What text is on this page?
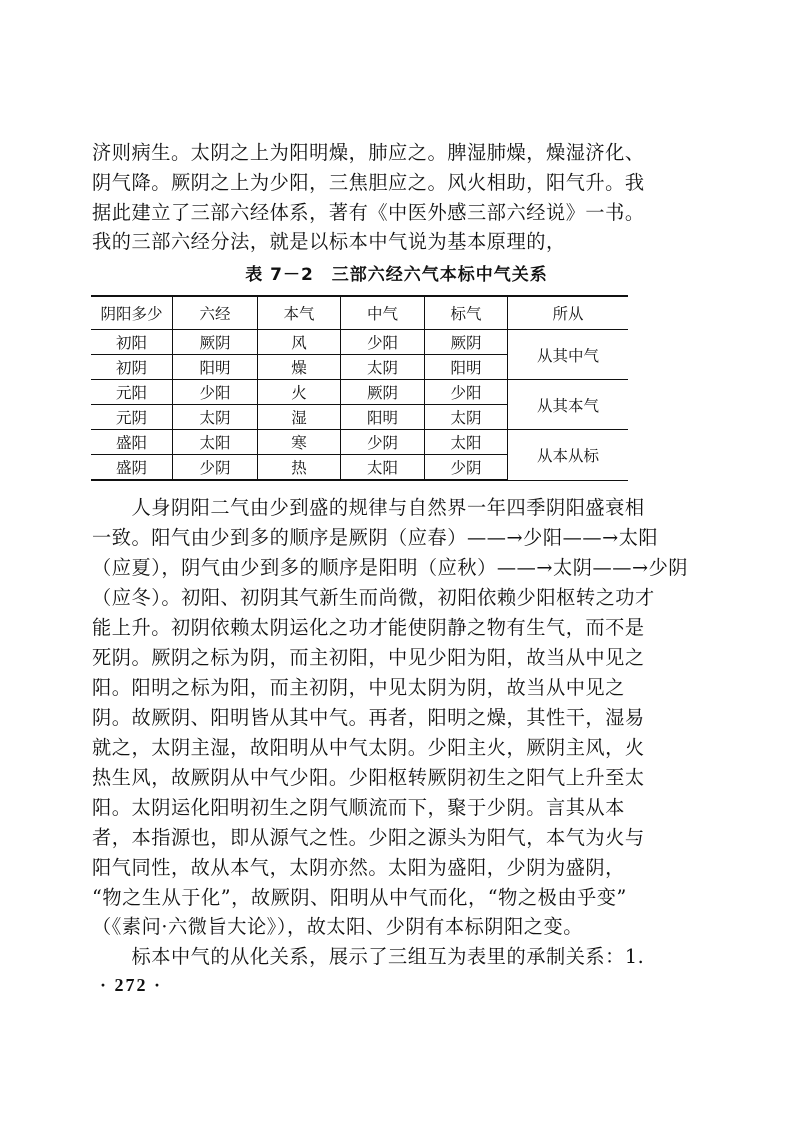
济则病生。太阴之上为阳明燥，肺应之。脾湿肺燥，燥湿济化、
阴气降。厥阴之上为少阳，三焦胆应之。风火相助，阳气升。我
据此建立了三部六经体系，著有《中医外感三部六经说》一书。
我的三部六经分法，就是以标本中气说为基本原理的，
表 7－2 三部六经六气本标中气关系
阴阳多少	六经	本气	中气	标气	所从
初阳	厥阴	风	少阳	厥阴	从其中气
初阴	阳明	燥	太阴	阳明	
元阳	少阳	火	厥阴	少阳	从其本气
元阴	太阴	湿	阳明	太阴	
盛阳	太阳	寒	少阴	太阳	从本从标
盛阴	少阴	热	太阳	少阴	
　　人身阴阳二气由少到盛的规律与自然界一年四季阴阳盛衰相
一致。阳气由少到多的顺序是厥阴（应春）——→少阳——→太阳
（应夏），阴气由少到多的顺序是阳明（应秋）——→太阴——→少阴
（应冬）。初阳、初阴其气新生而尚微，初阳依赖少阳枢转之功才
能上升。初阴依赖太阴运化之功才能使阴静之物有生气，而不是
死阴。厥阴之标为阴，而主初阳，中见少阳为阳，故当从中见之
阳。阳明之标为阳，而主初阴，中见太阴为阴，故当从中见之
阴。故厥阴、阳明皆从其中气。再者，阳明之燥，其性干，湿易
就之，太阴主湿，故阳明从中气太阴。少阳主火，厥阴主风，火
热生风，故厥阴从中气少阳。少阳枢转厥阴初生之阳气上升至太
阳。太阴运化阳明初生之阴气顺流而下，聚于少阴。言其从本
者，本指源也，即从源气之性。少阳之源头为阳气，本气为火与
阳气同性，故从本气，太阴亦然。太阳为盛阳，少阴为盛阴，
“物之生从于化”，故厥阴、阳明从中气而化，“物之极由乎变”
（《素问·六微旨大论》），故太阳、少阴有本标阴阳之变。
　　标本中气的从化关系，展示了三组互为表里的承制关系：1.
· 272 ·
